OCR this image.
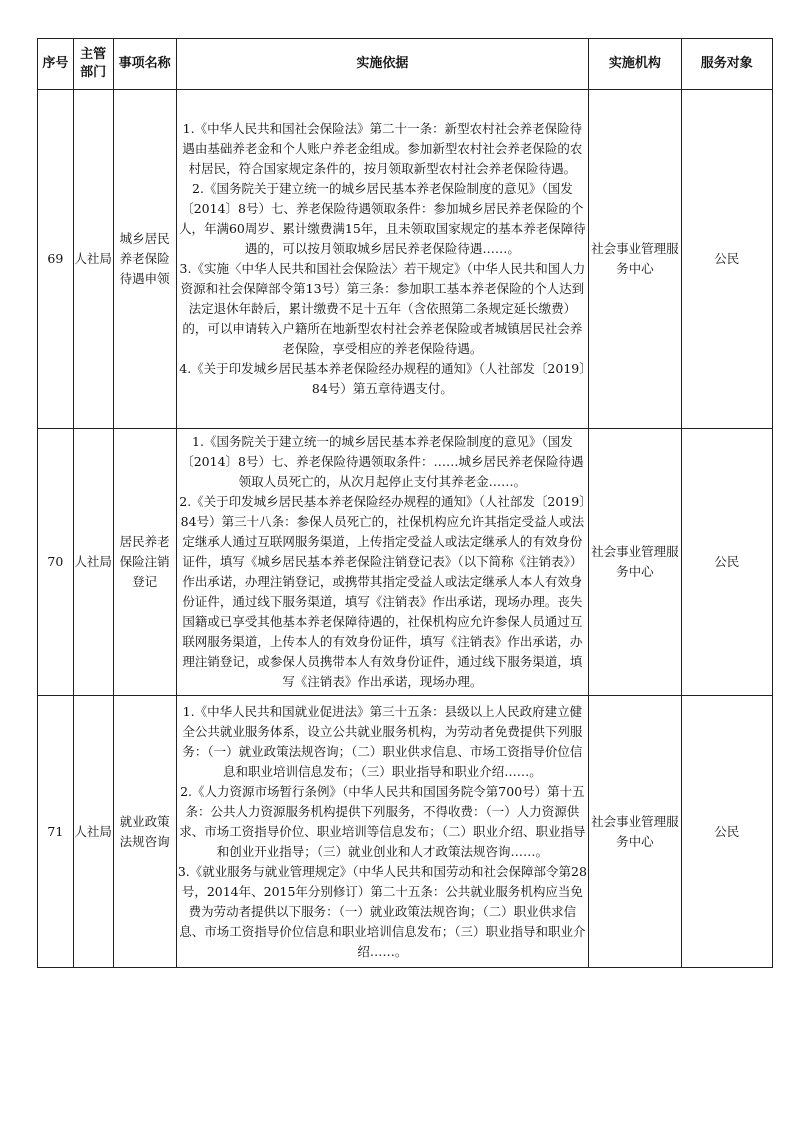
序号	主管部门	事项名称	实施依据	实施机构	服务对象
69	人社局	城乡居民养老保险待遇申领	1.《中华人民共和国社会保险法》第二十一条：新型农村社会养老保险待遇由基础养老金和个人账户养老金组成。参加新型农村社会养老保险的农村居民，符合国家规定条件的，按月领取新型农村社会养老保险待遇。

2.《国务院关于建立统一的城乡居民基本养老保险制度的意见》（国发〔2014〕8号）七、养老保险待遇领取条件：参加城乡居民养老保险的个人，年满60周岁、累计缴费满15年，且未领取国家规定的基本养老保障待遇的，可以按月领取城乡居民养老保险待遇……。

3.《实施〈中华人民共和国社会保险法〉若干规定》（中华人民共和国人力资源和社会保障部令第13号）第三条：参加职工基本养老保险的个人达到法定退休年龄后，累计缴费不足十五年（含依照第二条规定延长缴费）的，可以申请转入户籍所在地新型农村社会养老保险或者城镇居民社会养老保险，享受相应的养老保险待遇。

4.《关于印发城乡居民基本养老保险经办规程的通知》（人社部发〔2019〕84号）第五章待遇支付。	社会事业管理服务中心	公民
70	人社局	居民养老保险注销登记	1.《国务院关于建立统一的城乡居民基本养老保险制度的意见》（国发〔2014〕8号）七、养老保险待遇领取条件：……城乡居民养老保险待遇领取人员死亡的，从次月起停止支付其养老金……。

2.《关于印发城乡居民基本养老保险经办规程的通知》（人社部发〔2019〕84号）第三十八条：参保人员死亡的，社保机构应允许其指定受益人或法定继承人通过互联网服务渠道，上传指定受益人或法定继承人的有效身份证件，填写《城乡居民基本养老保险注销登记表》（以下简称《注销表》）作出承诺，办理注销登记，或携带其指定受益人或法定继承人本人有效身份证件，通过线下服务渠道，填写《注销表》作出承诺，现场办理。丧失国籍或已享受其他基本养老保障待遇的，社保机构应允许参保人员通过互联网服务渠道，上传本人的有效身份证件，填写《注销表》作出承诺，办理注销登记，或参保人员携带本人有效身份证件，通过线下服务渠道，填写《注销表》作出承诺，现场办理。	社会事业管理服务中心	公民
71	人社局	就业政策法规咨询	1.《中华人民共和国就业促进法》第三十五条：县级以上人民政府建立健全公共就业服务体系，设立公共就业服务机构，为劳动者免费提供下列服务：（一）就业政策法规咨询；（二）职业供求信息、市场工资指导价位信息和职业培训信息发布；（三）职业指导和职业介绍……。

2.《人力资源市场暂行条例》（中华人民共和国国务院令第700号）第十五条：公共人力资源服务机构提供下列服务，不得收费：（一）人力资源供求、市场工资指导价位、职业培训等信息发布；（二）职业介绍、职业指导和创业开业指导；（三）就业创业和人才政策法规咨询……。

3.《就业服务与就业管理规定》（中华人民共和国劳动和社会保障部令第28号，2014年、2015年分别修订）第二十五条：公共就业服务机构应当免费为劳动者提供以下服务：（一）就业政策法规咨询；（二）职业供求信息、市场工资指导价位信息和职业培训信息发布；（三）职业指导和职业介绍……。	社会事业管理服务中心	公民
